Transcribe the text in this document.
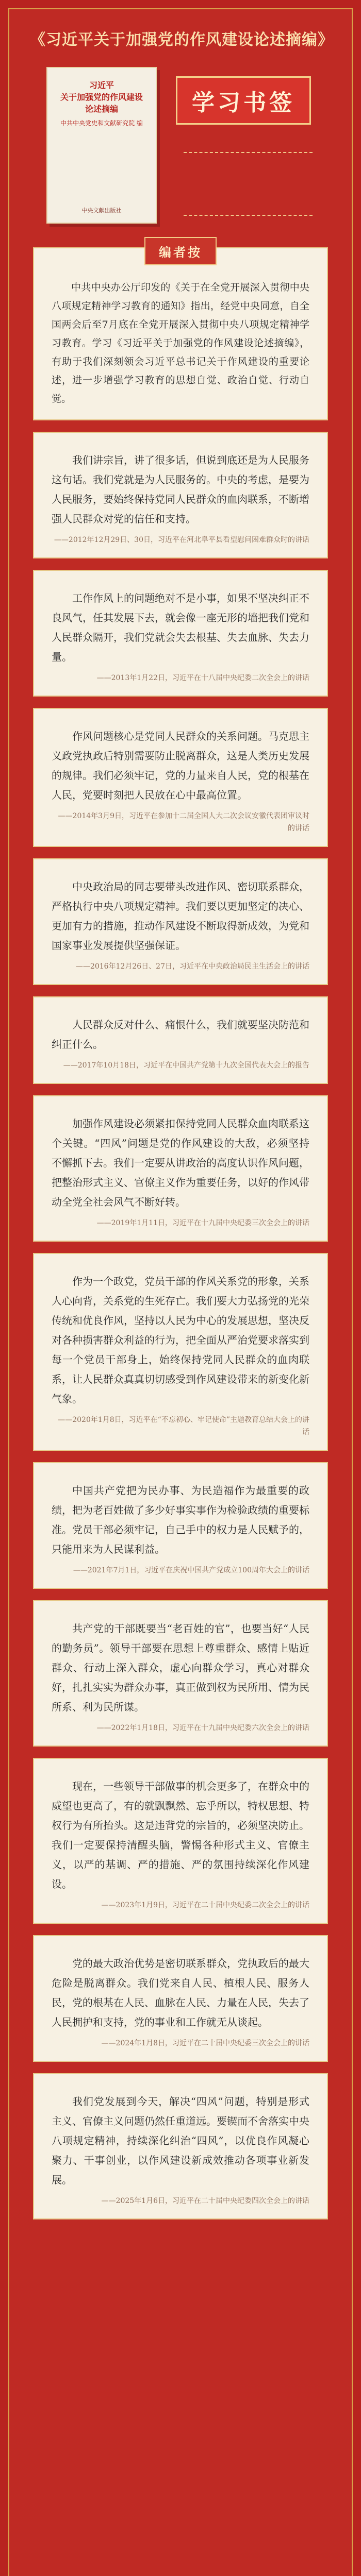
《习近平关于加强党的作风建设论述摘编》
习近平
关于加强党的作风建设
论述摘编
中共中央党史和文献研究院 编
中央文献出版社
学习书签
编者按

中共中央办公厅印发的《关于在全党开展深入贯彻中央八项规定精神学习教育的通知》指出，经党中央同意，自全国两会后至7月底在全党开展深入贯彻中央八项规定精神学习教育。学习《习近平关于加强党的作风建设论述摘编》，有助于我们深刻领会习近平总书记关于作风建设的重要论述，进一步增强学习教育的思想自觉、政治自觉、行动自觉。

我们讲宗旨，讲了很多话，但说到底还是为人民服务这句话。我们党就是为人民服务的。中央的考虑，是要为人民服务，要始终保持党同人民群众的血肉联系，不断增强人民群众对党的信任和支持。

——2012年12月29日、30日，习近平在河北阜平县看望慰问困难群众时的讲话

工作作风上的问题绝对不是小事，如果不坚决纠正不良风气，任其发展下去，就会像一座无形的墙把我们党和人民群众隔开，我们党就会失去根基、失去血脉、失去力量。

——2013年1月22日，习近平在十八届中央纪委二次全会上的讲话

作风问题核心是党同人民群众的关系问题。马克思主义政党执政后特别需要防止脱离群众，这是人类历史发展的规律。我们必须牢记，党的力量来自人民，党的根基在人民，党要时刻把人民放在心中最高位置。

——2014年3月9日，习近平在参加十二届全国人大二次会议安徽代表团审议时的讲话

中央政治局的同志要带头改进作风、密切联系群众，严格执行中央八项规定精神。我们要以更加坚定的决心、更加有力的措施，推动作风建设不断取得新成效，为党和国家事业发展提供坚强保证。

——2016年12月26日、27日，习近平在中央政治局民主生活会上的讲话

人民群众反对什么、痛恨什么，我们就要坚决防范和纠正什么。

——2017年10月18日，习近平在中国共产党第十九次全国代表大会上的报告

加强作风建设必须紧扣保持党同人民群众血肉联系这个关键。“四风”问题是党的作风建设的大敌，必须坚持不懈抓下去。我们一定要从讲政治的高度认识作风问题，把整治形式主义、官僚主义作为重要任务，以好的作风带动全党全社会风气不断好转。

——2019年1月11日，习近平在十九届中央纪委三次全会上的讲话

作为一个政党，党员干部的作风关系党的形象，关系人心向背，关系党的生死存亡。我们要大力弘扬党的光荣传统和优良作风，坚持以人民为中心的发展思想，坚决反对各种损害群众利益的行为，把全面从严治党要求落实到每一个党员干部身上，始终保持党同人民群众的血肉联系，让人民群众真真切切感受到作风建设带来的新变化新气象。

——2020年1月8日，习近平在“不忘初心、牢记使命”主题教育总结大会上的讲话

中国共产党把为民办事、为民造福作为最重要的政绩，把为老百姓做了多少好事实事作为检验政绩的重要标准。党员干部必须牢记，自己手中的权力是人民赋予的，只能用来为人民谋利益。

——2021年7月1日，习近平在庆祝中国共产党成立100周年大会上的讲话

共产党的干部既要当“老百姓的官”，也要当好“人民的勤务员”。领导干部要在思想上尊重群众、感情上贴近群众、行动上深入群众，虚心向群众学习，真心对群众好，扎扎实实为群众办事，真正做到权为民所用、情为民所系、利为民所谋。

——2022年1月18日，习近平在十九届中央纪委六次全会上的讲话

现在，一些领导干部做事的机会更多了，在群众中的威望也更高了，有的就飘飘然、忘乎所以，特权思想、特权行为有所抬头。这是违背党的宗旨的，必须坚决防止。我们一定要保持清醒头脑，警惕各种形式主义、官僚主义，以严的基调、严的措施、严的氛围持续深化作风建设。

——2023年1月9日，习近平在二十届中央纪委二次全会上的讲话

党的最大政治优势是密切联系群众，党执政后的最大危险是脱离群众。我们党来自人民、植根人民、服务人民，党的根基在人民、血脉在人民、力量在人民，失去了人民拥护和支持，党的事业和工作就无从谈起。

——2024年1月8日，习近平在二十届中央纪委三次全会上的讲话

我们党发展到今天，解决“四风”问题，特别是形式主义、官僚主义问题仍然任重道远。要锲而不舍落实中央八项规定精神，持续深化纠治“四风”，以优良作风凝心聚力、干事创业，以作风建设新成效推动各项事业新发展。

——2025年1月6日，习近平在二十届中央纪委四次全会上的讲话
